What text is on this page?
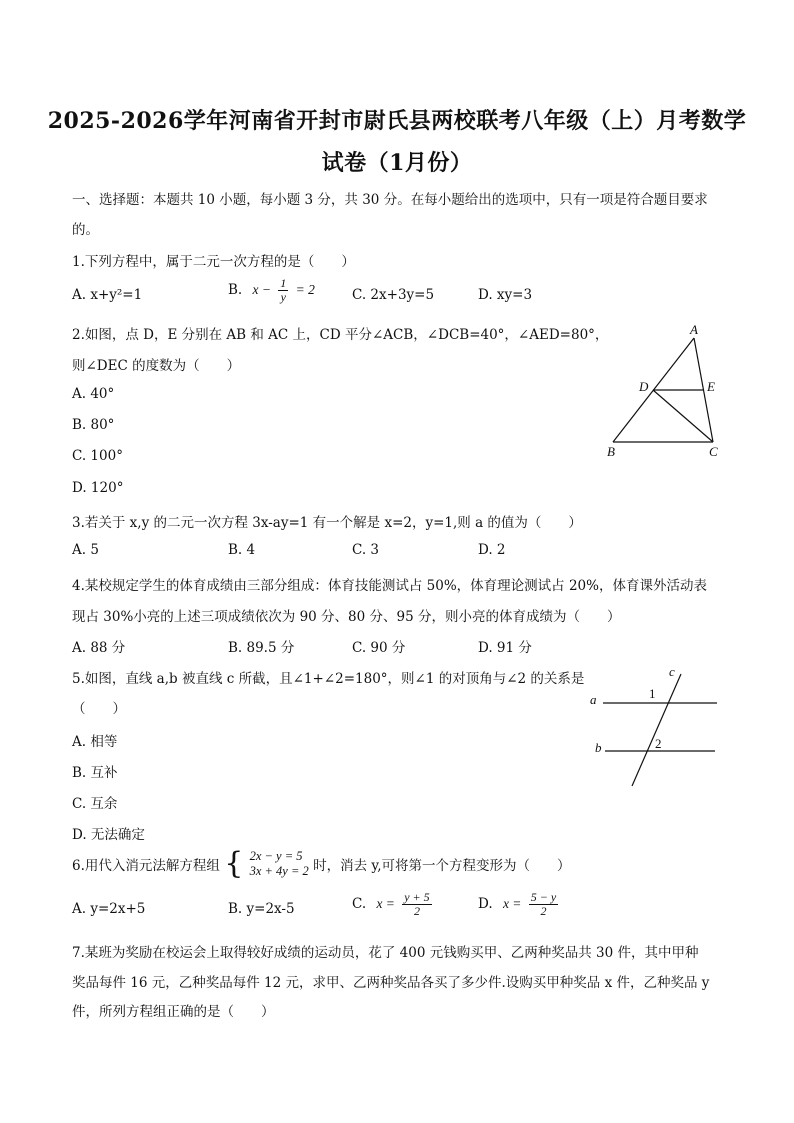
2025-2026学年河南省开封市尉氏县两校联考八年级（上）月考数学
试卷（1月份）
一、选择题：本题共 10 小题，每小题 3 分，共 30 分。在每小题给出的选项中，只有一项是符合题目要求
的。
1.下列方程中，属于二元一次方程的是（　　）
A. x+y²=1	B. $x - \frac{1}{y} = 2$	C. 2x+3y=5	D. xy=3
2.如图，点 D，E 分别在 AB 和 AC 上，CD 平分∠ACB，∠DCB=40°，∠AED=80°，
则∠DEC 的度数为（　　）
A. 40°
B. 80°
C. 100°
D. 120°
A
D	E
B	C
3.若关于 x,y 的二元一次方程 3x-ay=1 有一个解是 x=2，y=1,则 a 的值为（　　）
A. 5	B. 4	C. 3	D. 2
4.某校规定学生的体育成绩由三部分组成：体育技能测试占 50%，体育理论测试占 20%，体育课外活动表
现占 30%小亮的上述三项成绩依次为 90 分、80 分、95 分，则小亮的体育成绩为（　　）
A. 88 分	B. 89.5 分	C. 90 分	D. 91 分
5.如图，直线 a,b 被直线 c 所截，且∠1+∠2=180°，则∠1 的对顶角与∠2 的关系是
（　　）
A. 相等
B. 互补
C. 互余
D. 无法确定
c
a
b
1
2
6.用代入消元法解方程组 { 2x − y = 5
3x + 4y = 2 时，消去 y,可将第一个方程变形为（　　）
A. y=2x+5	B. y=2x-5	C. $x = \frac{y + 5}{2}$	D. $x = \frac{5 - y}{2}$
7.某班为奖励在校运会上取得较好成绩的运动员，花了 400 元钱购买甲、乙两种奖品共 30 件，其中甲种
奖品每件 16 元，乙种奖品每件 12 元，求甲、乙两种奖品各买了多少件.设购买甲种奖品 x 件，乙种奖品 y
件，所列方程组正确的是（　　）
